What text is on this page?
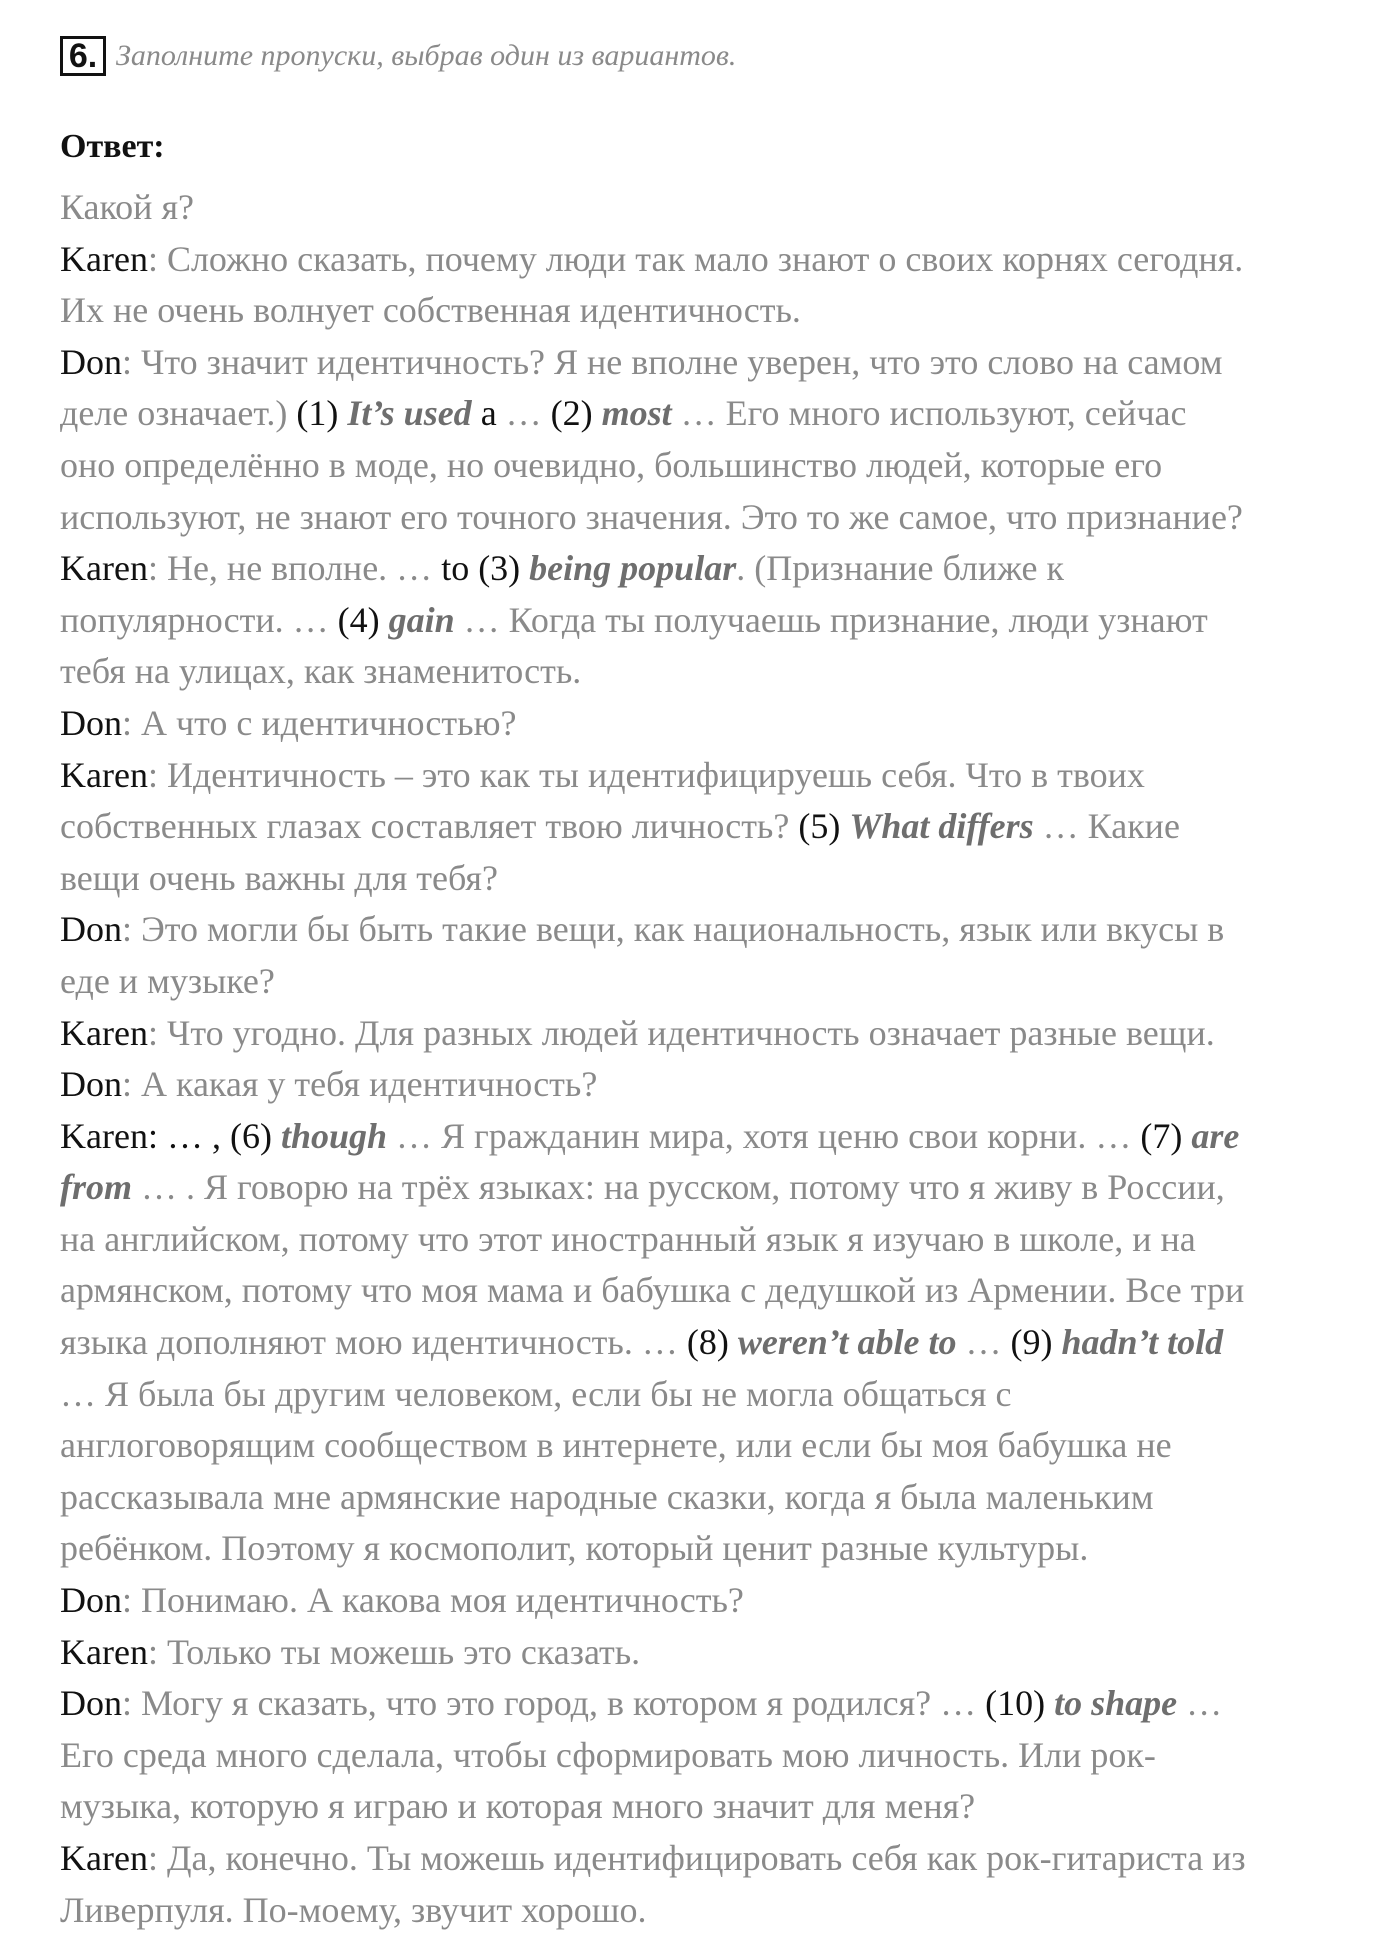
6. Заполните пропуски, выбрав один из вариантов.
Ответ:
Какой я?
Karen: Сложно сказать, почему люди так мало знают о своих корнях сегодня.
Их не очень волнует собственная идентичность.
Don: Что значит идентичность? Я не вполне уверен, что это слово на самом
деле означает.) (1) It’s used a … (2) most … Его много используют, сейчас
оно определённо в моде, но очевидно, большинство людей, которые его
используют, не знают его точного значения. Это то же самое, что признание?
Karen: Не, не вполне. … to (3) being popular. (Признание ближе к
популярности. … (4) gain … Когда ты получаешь признание, люди узнают
тебя на улицах, как знаменитость.
Don: А что с идентичностью?
Karen: Идентичность – это как ты идентифицируешь себя. Что в твоих
собственных глазах составляет твою личность? (5) What differs … Какие
вещи очень важны для тебя?
Don: Это могли бы быть такие вещи, как национальность, язык или вкусы в
еде и музыке?
Karen: Что угодно. Для разных людей идентичность означает разные вещи.
Don: А какая у тебя идентичность?
Karen: … , (6) though … Я гражданин мира, хотя ценю свои корни. … (7) are
from … . Я говорю на трёх языках: на русском, потому что я живу в России,
на английском, потому что этот иностранный язык я изучаю в школе, и на
армянском, потому что моя мама и бабушка с дедушкой из Армении. Все три
языка дополняют мою идентичность. … (8) weren’t able to … (9) hadn’t told
… Я была бы другим человеком, если бы не могла общаться с
англоговорящим сообществом в интернете, или если бы моя бабушка не
рассказывала мне армянские народные сказки, когда я была маленьким
ребёнком. Поэтому я космополит, который ценит разные культуры.
Don: Понимаю. А какова моя идентичность?
Karen: Только ты можешь это сказать.
Don: Могу я сказать, что это город, в котором я родился? … (10) to shape …
Его среда много сделала, чтобы сформировать мою личность. Или рок-
музыка, которую я играю и которая много значит для меня?
Karen: Да, конечно. Ты можешь идентифицировать себя как рок-гитариста из
Ливерпуля. По-моему, звучит хорошо.
